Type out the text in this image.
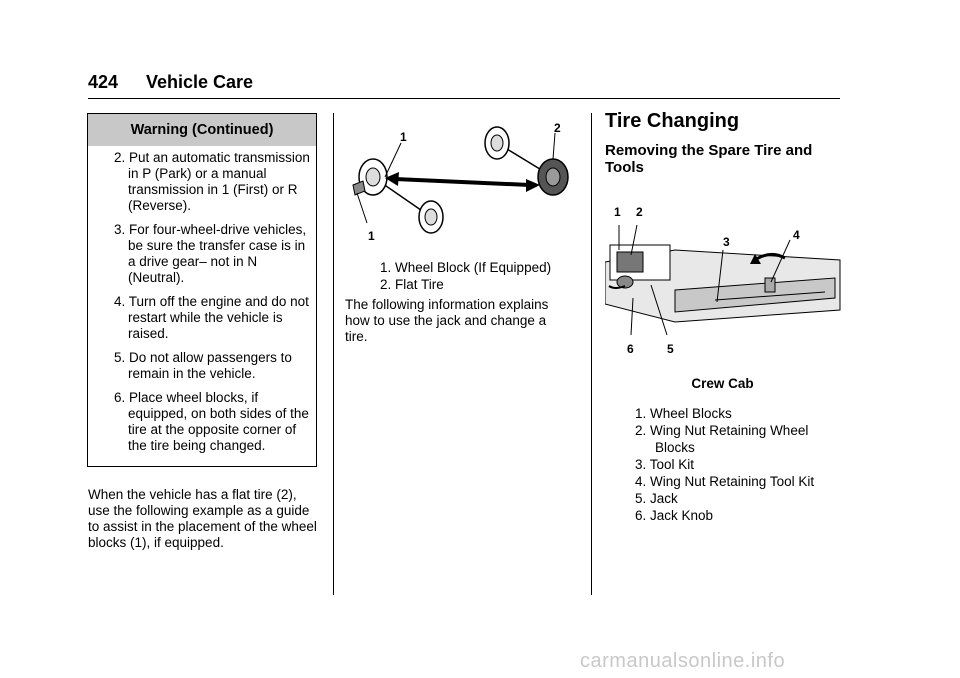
424 Vehicle Care
Warning (Continued)
2. Put an automatic transmission in P (Park) or a manual transmission in 1 (First) or R (Reverse).
3. For four-wheel-drive vehicles, be sure the transfer case is in a drive gear– not in N (Neutral).
4. Turn off the engine and do not restart while the vehicle is raised.
5. Do not allow passengers to remain in the vehicle.
6. Place wheel blocks, if equipped, on both sides of the tire at the opposite corner of the tire being changed.
When the vehicle has a flat tire (2), use the following example as a guide to assist in the placement of the wheel blocks (1), if equipped.
1
1
2
1. Wheel Block (If Equipped)
2. Flat Tire
The following information explains how to use the jack and change a tire.
Tire Changing
Removing the Spare Tire and Tools
1 2
3	4
5
6
Crew Cab
1. Wheel Blocks
2. Wing Nut Retaining Wheel Blocks
3. Tool Kit
4. Wing Nut Retaining Tool Kit
5. Jack
6. Jack Knob
carmanualsonline.info
